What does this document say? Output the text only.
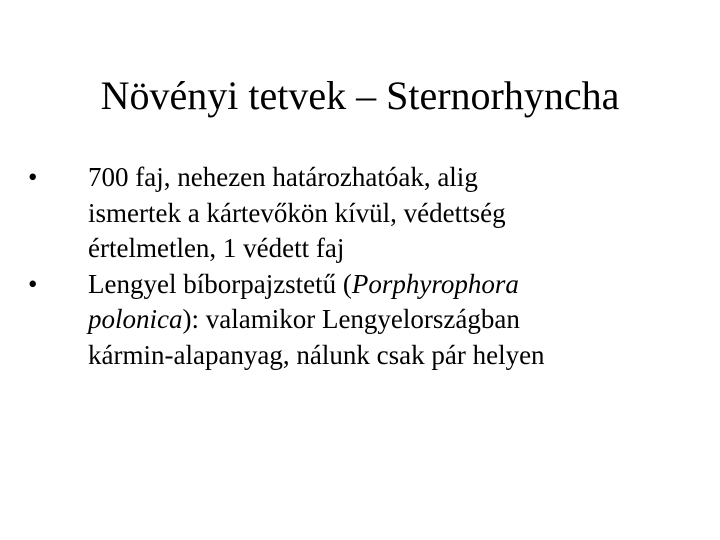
Növényi tetvek – Sternorhyncha
•	700 faj, nehezen határozhatóak, alig
ismertek a kártevőkön kívül, védettség
értelmetlen, 1 védett faj
•	Lengyel bíborpajzstetű (Porphyrophora
polonica): valamikor Lengyelországban
kármin-alapanyag, nálunk csak pár helyen
